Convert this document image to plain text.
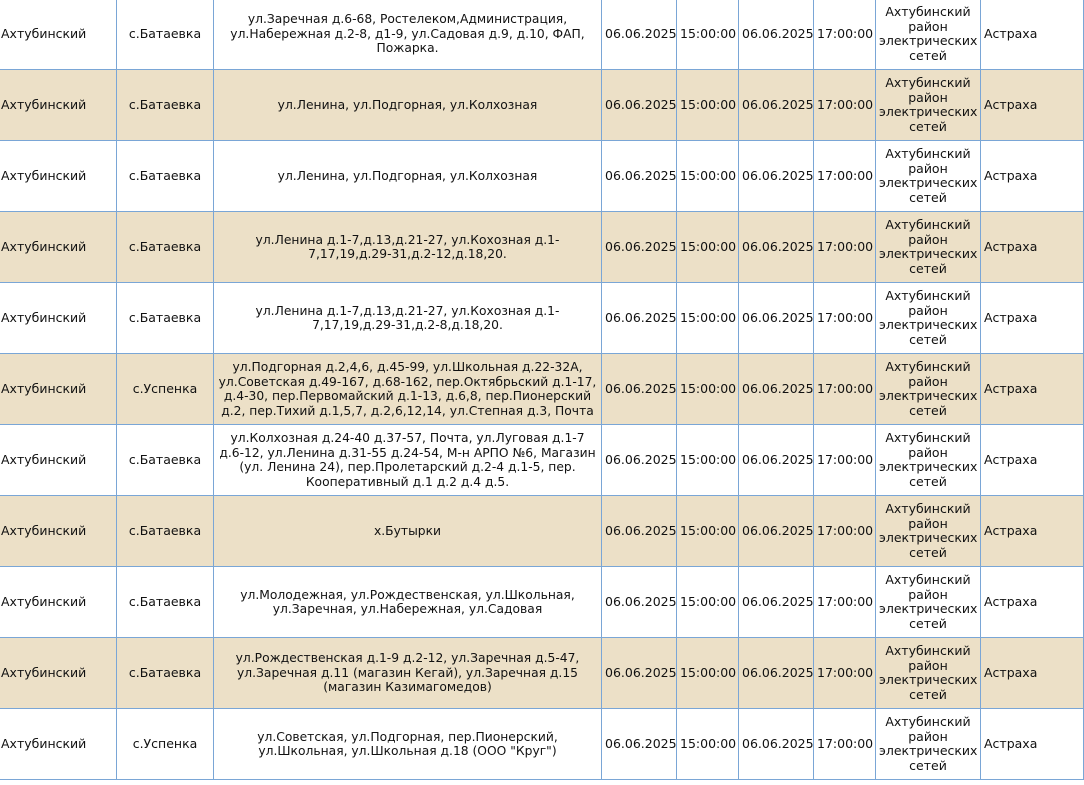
Ахтубинский	с.Батаевка	ул.Заречная д.6-68, Ростелеком,Администрация, ул.Набережная д.2-8, д1-9, ул.Садовая д.9, д.10, ФАП, Пожарка.	06.06.2025	15:00:00	06.06.2025	17:00:00	Ахтубинский район электрических сетей	Астраха
Ахтубинский	с.Батаевка	ул.Ленина, ул.Подгорная, ул.Колхозная	06.06.2025	15:00:00	06.06.2025	17:00:00	Ахтубинский район электрических сетей	Астраха
Ахтубинский	с.Батаевка	ул.Ленина, ул.Подгорная, ул.Колхозная	06.06.2025	15:00:00	06.06.2025	17:00:00	Ахтубинский район электрических сетей	Астраха
Ахтубинский	с.Батаевка	ул.Ленина д.1-7,д.13,д.21-27, ул.Кохозная д.1-7,17,19,д.29-31,д.2-12,д.18,20.	06.06.2025	15:00:00	06.06.2025	17:00:00	Ахтубинский район электрических сетей	Астраха
Ахтубинский	с.Батаевка	ул.Ленина д.1-7,д.13,д.21-27, ул.Кохозная д.1-7,17,19,д.29-31,д.2-8,д.18,20.	06.06.2025	15:00:00	06.06.2025	17:00:00	Ахтубинский район электрических сетей	Астраха
Ахтубинский	с.Успенка	ул.Подгорная д.2,4,6, д.45-99, ул.Школьная д.22-32А, ул.Советская д.49-167, д.68-162, пер.Октябрьский д.1-17, д.4-30, пер.Первомайский д.1-13, д.6,8, пер.Пионерский д.2, пер.Тихий д.1,5,7, д.2,6,12,14, ул.Степная д.3, Почта	06.06.2025	15:00:00	06.06.2025	17:00:00	Ахтубинский район электрических сетей	Астраха
Ахтубинский	с.Батаевка	ул.Колхозная д.24-40 д.37-57, Почта, ул.Луговая д.1-7 д.6-12, ул.Ленина д.31-55 д.24-54, М-н АРПО №6, Магазин (ул. Ленина 24), пер.Пролетарский д.2-4 д.1-5, пер. Кооперативный д.1 д.2 д.4 д.5.	06.06.2025	15:00:00	06.06.2025	17:00:00	Ахтубинский район электрических сетей	Астраха
Ахтубинский	с.Батаевка	х.Бутырки	06.06.2025	15:00:00	06.06.2025	17:00:00	Ахтубинский район электрических сетей	Астраха
Ахтубинский	с.Батаевка	ул.Молодежная, ул.Рождественская, ул.Школьная, ул.Заречная, ул.Набережная, ул.Садовая	06.06.2025	15:00:00	06.06.2025	17:00:00	Ахтубинский район электрических сетей	Астраха
Ахтубинский	с.Батаевка	ул.Рождественская д.1-9 д.2-12, ул.Заречная д.5-47, ул.Заречная д.11 (магазин Кегай), ул.Заречная д.15 (магазин Казимагомедов)	06.06.2025	15:00:00	06.06.2025	17:00:00	Ахтубинский район электрических сетей	Астраха
Ахтубинский	с.Успенка	ул.Советская, ул.Подгорная, пер.Пионерский, ул.Школьная, ул.Школьная д.18 (ООО "Круг")	06.06.2025	15:00:00	06.06.2025	17:00:00	Ахтубинский район электрических сетей	Астраха
